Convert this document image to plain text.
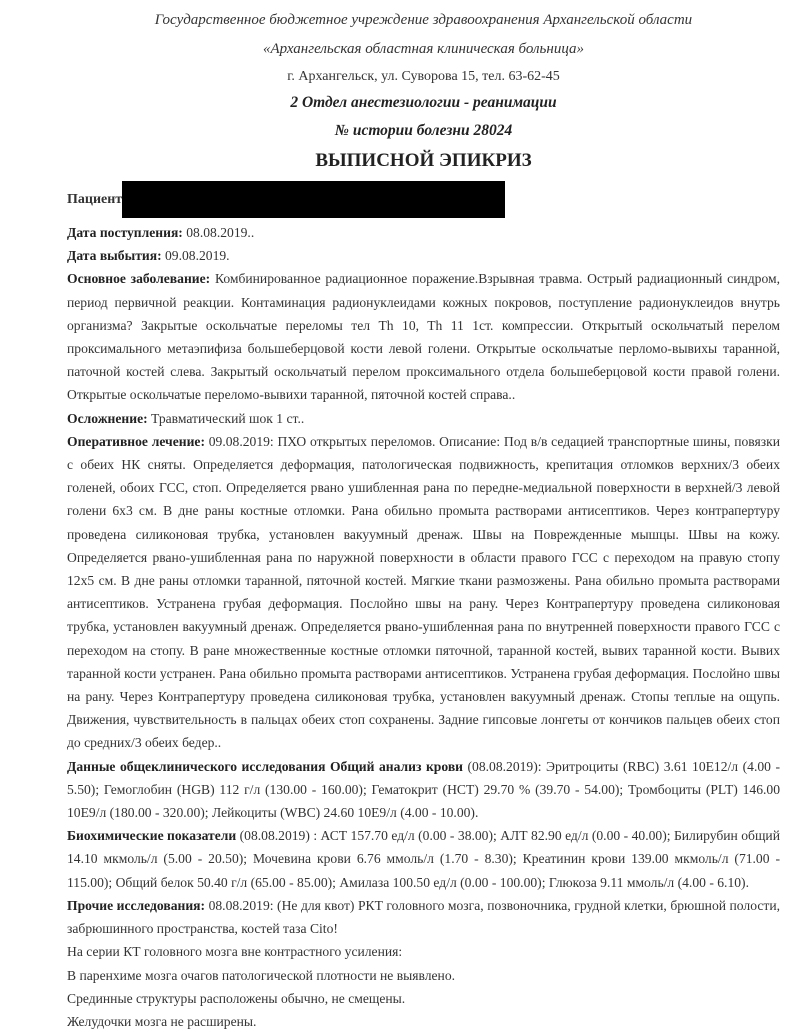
Государственное бюджетное учреждение здравоохранения Архангельской области
«Архангельская областная клиническая больница»
г. Архангельск, ул. Суворова 15, тел. 63-62-45
2 Отдел анестезиологии - реанимации
№ истории болезни 28024
ВЫПИСНОЙ ЭПИКРИЗ
Пациент

Дата поступления: 08.08.2019..

Дата выбытия: 09.08.2019.

Основное заболевание: Комбинированное радиационное поражение.Взрывная травма. Острый радиационный синдром, период первичной реакции. Контаминация радионуклеидами кожных покровов, поступление радионуклеидов внутрь организма? Закрытые оскольчатые переломы тел Th 10, Th 11 1ст. компрессии. Открытый оскольчатый перелом проксимального метаэпифиза большеберцовой кости левой голени. Открытые оскольчатые перломо-вывихы таранной, паточной костей слева. Закрытый оскольчатый перелом проксимального отдела большеберцовой кости правой голени. Открытые оскольчатые переломо-вывихи таранной, пяточной костей справа..

Осложнение: Травматический шок 1 ст..

Оперативное лечение: 09.08.2019: ПХО открытых переломов. Описание: Под в/в седацией транспортные шины, повязки с обеих НК сняты. Определяется деформация, патологическая подвижность, крепитация отломков верхних/3 обеих голеней, обоих ГСС, стоп. Определяется рвано ушибленная рана по передне-медиальной поверхности в верхней/3 левой голени 6х3 см. В дне раны костные отломки. Рана обильно промыта растворами антисептиков. Через контрапертуру проведена силиконовая трубка, установлен вакуумный дренаж. Швы на Поврежденные мышцы. Швы на кожу. Определяется рвано-ушибленная рана по наружной поверхности в области правого ГСС с переходом на правую стопу 12х5 см. В дне раны отломки таранной, пяточной костей. Мягкие ткани размозжены. Рана обильно промыта растворами антисептиков. Устранена грубая деформация. Послойно швы на рану. Через Контрапертуру проведена силиконовая трубка, установлен вакуумный дренаж. Определяется рвано-ушибленная рана по внутренней поверхности правого ГСС с переходом на стопу. В ране множественные костные отломки пяточной, таранной костей, вывих таранной кости. Вывих таранной кости устранен. Рана обильно промыта растворами антисептиков. Устранена грубая деформация. Послойно швы на рану. Через Контрапертуру проведена силиконовая трубка, установлен вакуумный дренаж. Стопы теплые на ощупь. Движения, чувствительность в пальцах обеих стоп сохранены. Задние гипсовые лонгеты от кончиков пальцев обеих стоп до средних/3 обеих бедер..

Данные общеклинического исследования Общий анализ крови (08.08.2019): Эритроциты (RBC) 3.61 10E12/л (4.00 - 5.50); Гемоглобин (HGB) 112 г/л (130.00 - 160.00); Гематокрит (HCT) 29.70 % (39.70 - 54.00); Тромбоциты (PLT) 146.00 10E9/л (180.00 - 320.00); Лейкоциты (WBC) 24.60 10E9/л (4.00 - 10.00).

Биохимические показатели (08.08.2019) : АСТ 157.70 ед/л (0.00 - 38.00); АЛТ 82.90 ед/л (0.00 - 40.00); Билирубин общий 14.10 мкмоль/л (5.00 - 20.50); Мочевина крови 6.76 ммоль/л (1.70 - 8.30); Креатинин крови 139.00 мкмоль/л (71.00 - 115.00); Общий белок 50.40 г/л (65.00 - 85.00); Амилаза 100.50 ед/л (0.00 - 100.00); Глюкоза 9.11 ммоль/л (4.00 - 6.10).

Прочие исследования: 08.08.2019: (Не для квот) РКТ головного мозга, позвоночника, грудной клетки, брюшной полости, забрюшинного пространства, костей таза Cito!

На серии КТ головного мозга вне контрастного усиления:

В паренхиме мозга очагов патологической плотности не выявлено.

Срединные структуры расположены обычно, не смещены.

Желудочки мозга не расширены.
